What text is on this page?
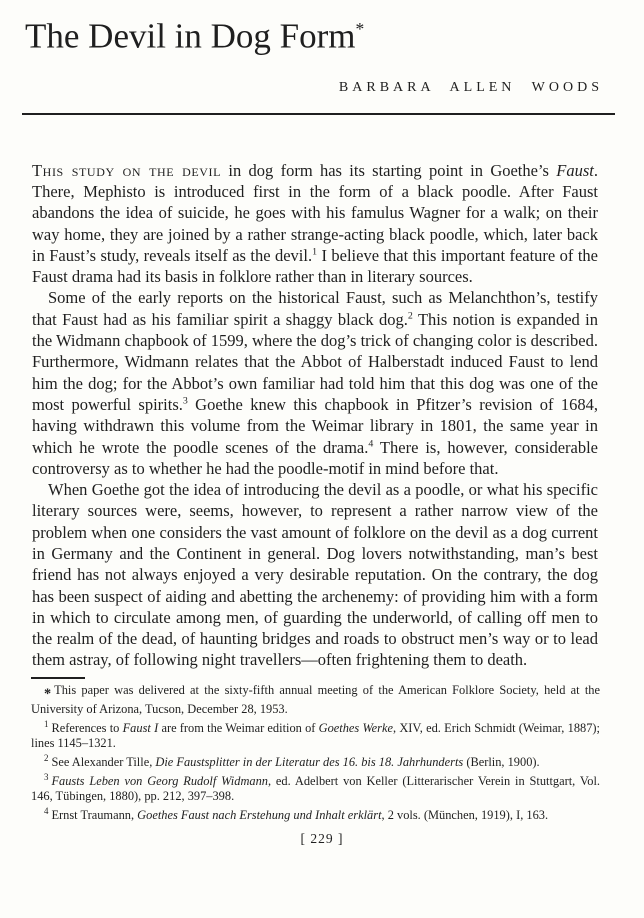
The Devil in Dog Form*
BARBARA ALLEN WOODS

This study on the devil in dog form has its starting point in Goethe’s Faust. There, Mephisto is introduced first in the form of a black poodle. After Faust abandons the idea of suicide, he goes with his famulus Wagner for a walk; on their way home, they are joined by a rather strange-acting black poodle, which, later back in Faust’s study, reveals itself as the devil.$^1$ I believe that this important feature of the Faust drama had its basis in folklore rather than in literary sources.

Some of the early reports on the historical Faust, such as Melanchthon’s, testify that Faust had as his familiar spirit a shaggy black dog.$^2$ This notion is expanded in the Widmann chapbook of 1599, where the dog’s trick of changing color is described. Furthermore, Widmann relates that the Abbot of Halberstadt induced Faust to lend him the dog; for the Abbot’s own familiar had told him that this dog was one of the most powerful spirits.$^3$ Goethe knew this chapbook in Pfitzer’s revision of 1684, having withdrawn this volume from the Weimar library in 1801, the same year in which he wrote the poodle scenes of the drama.$^4$ There is, however, considerable controversy as to whether he had the poodle-motif in mind before that.

When Goethe got the idea of introducing the devil as a poodle, or what his specific literary sources were, seems, however, to represent a rather narrow view of the problem when one considers the vast amount of folklore on the devil as a dog current in Germany and the Continent in general. Dog lovers notwithstanding, man’s best friend has not always enjoyed a very desirable reputation. On the contrary, the dog has been suspect of aiding and abetting the archenemy: of providing him with a form in which to circulate among men, of guarding the underworld, of calling off men to the realm of the dead, of haunting bridges and roads to obstruct men’s way or to lead them astray, of following night travellers—often frightening them to death.

* This paper was delivered at the sixty-fifth annual meeting of the American Folklore Society, held at the University of Arizona, Tucson, December 28, 1953.

$^1$ References to Faust I are from the Weimar edition of Goethes Werke, XIV, ed. Erich Schmidt (Weimar, 1887); lines 1145–1321.

$^2$ See Alexander Tille, Die Faustsplitter in der Literatur des 16. bis 18. Jahrhunderts (Berlin, 1900).

$^3$ Fausts Leben von Georg Rudolf Widmann, ed. Adelbert von Keller (Litterarischer Verein in Stuttgart, Vol. 146, Tübingen, 1880), pp. 212, 397–398.

$^4$ Ernst Traumann, Goethes Faust nach Erstehung und Inhalt erklärt, 2 vols. (München, 1919), I, 163.

[ 229 ]
